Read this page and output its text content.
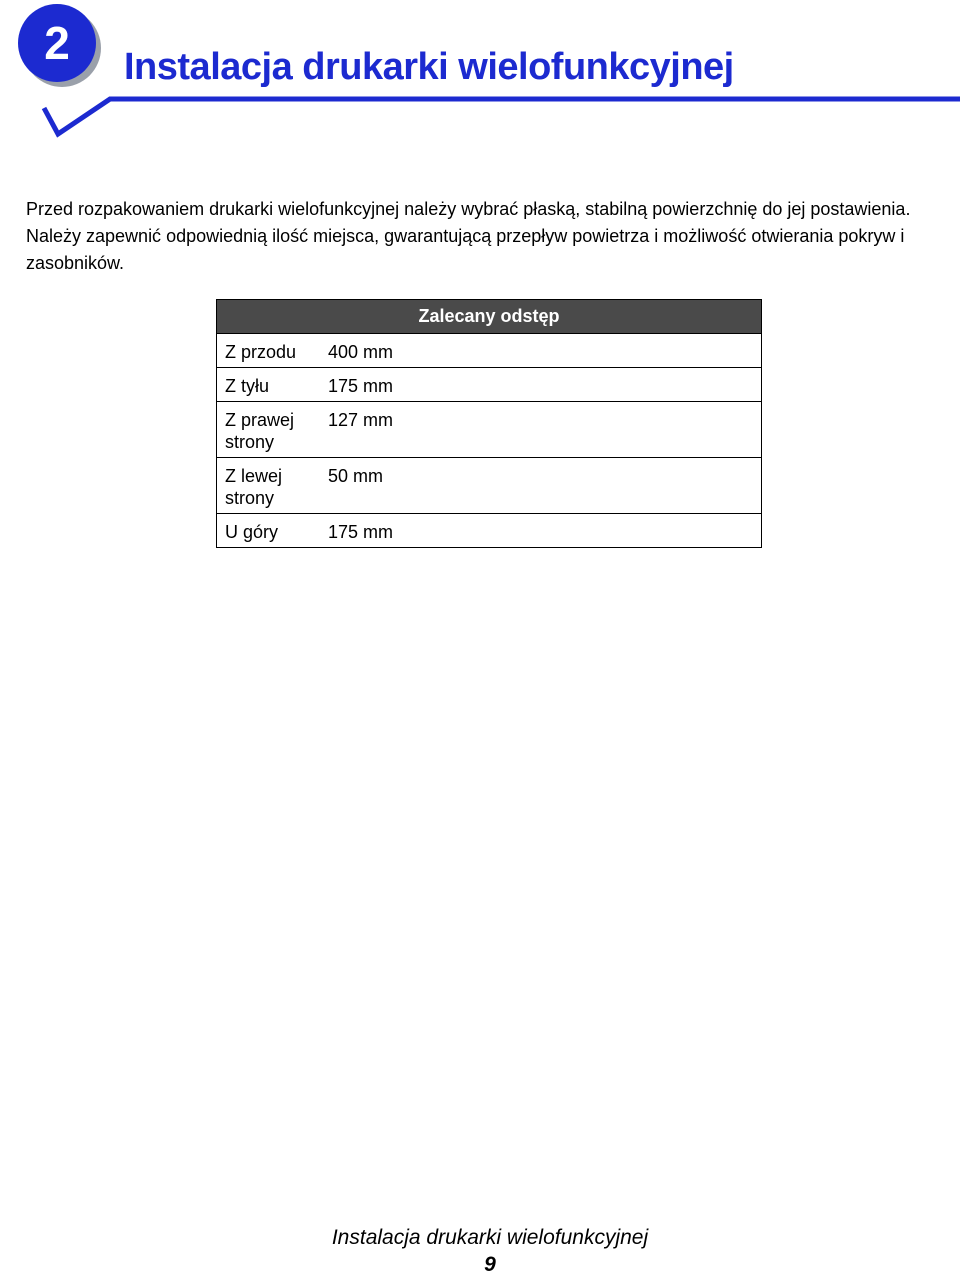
2	Instalacja drukarki wielofunkcyjnej

Przed rozpakowaniem drukarki wielofunkcyjnej należy wybrać płaską, stabilną powierzchnię do jej postawienia. Należy zapewnić odpowiednią ilość miejsca, gwarantującą przepływ powietrza i możliwość otwierania pokryw i zasobników.

Zalecany odstęp	
Z przodu	400 mm
Z tyłu	175 mm
Z prawej strony	127 mm
Z lewej strony	50 mm
U góry	175 mm
Instalacja drukarki wielofunkcyjnej
9
